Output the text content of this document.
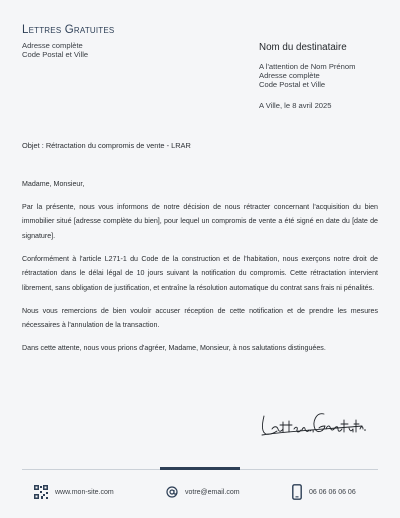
Lettres Gratuites
Adresse complète
Code Postal et Ville
Nom du destinataire
A l'attention de Nom Prénom
Adresse complète
Code Postal et Ville
A Ville, le 8 avril 2025
Objet : Rétractation du compromis de vente - LRAR

Madame, Monsieur,

Par la présente, nous vous informons de notre décision de nous rétracter concernant l'acquisition du bien immobilier situé [adresse complète du bien], pour lequel un compromis de vente a été signé en date du [date de signature].

Conformément à l'article L271-1 du Code de la construction et de l'habitation, nous exerçons notre droit de rétractation dans le délai légal de 10 jours suivant la notification du compromis. Cette rétractation intervient librement, sans obligation de justification, et entraîne la résolution automatique du contrat sans frais ni pénalités.

Nous vous remercions de bien vouloir accuser réception de cette notification et de prendre les mesures nécessaires à l'annulation de la transaction.

Dans cette attente, nous vous prions d'agréer, Madame, Monsieur, à nos salutations distinguées.

www.mon-site.com	votre@email.com	06 06 06 06 06
